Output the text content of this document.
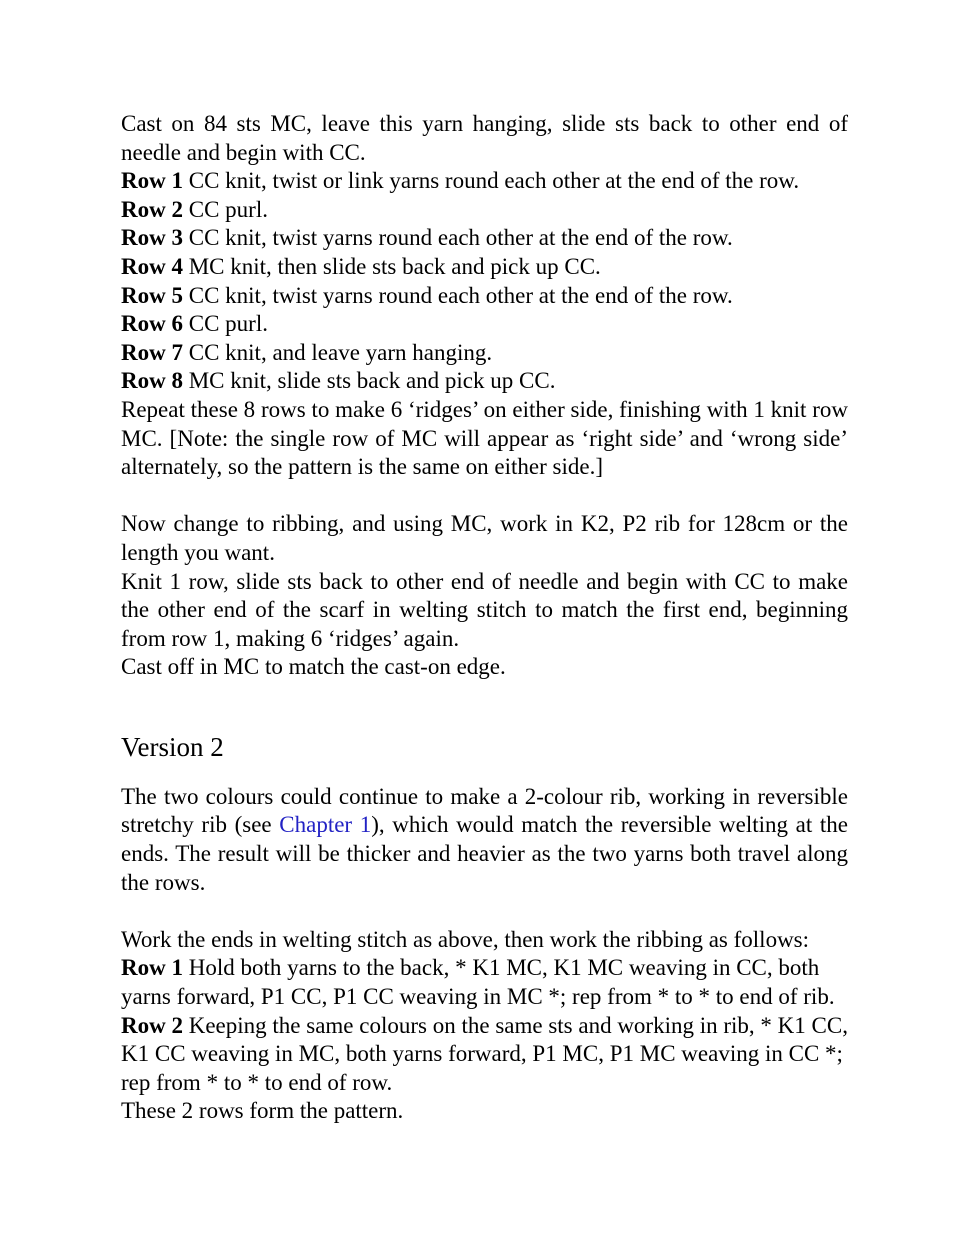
Cast on 84 sts MC, leave this yarn hanging, slide sts back to other end of needle and begin with CC.

Row 1 CC knit, twist or link yarns round each other at the end of the row.
Row 2 CC purl.
Row 3 CC knit, twist yarns round each other at the end of the row.
Row 4 MC knit, then slide sts back and pick up CC.
Row 5 CC knit, twist yarns round each other at the end of the row.
Row 6 CC purl.
Row 7 CC knit, and leave yarn hanging.
Row 8 MC knit, slide sts back and pick up CC.

Repeat these 8 rows to make 6 ‘ridges’ on either side, finishing with 1 knit row MC. [Note: the single row of MC will appear as ‘right side’ and ‘wrong side’ alternately, so the pattern is the same on either side.]

Now change to ribbing, and using MC, work in K2, P2 rib for 128cm or the length you want.

Knit 1 row, slide sts back to other end of needle and begin with CC to make the other end of the scarf in welting stitch to match the first end, beginning from row 1, making 6 ‘ridges’ again.

Cast off in MC to match the cast-on edge.

Version 2

The two colours could continue to make a 2-colour rib, working in reversible stretchy rib (see Chapter 1), which would match the reversible welting at the ends. The result will be thicker and heavier as the two yarns both travel along the rows.

Work the ends in welting stitch as above, then work the ribbing as follows:

Row 1 Hold both yarns to the back, * K1 MC, K1 MC weaving in CC, both yarns forward, P1 CC, P1 CC weaving in MC *; rep from * to * to end of rib.

Row 2 Keeping the same colours on the same sts and working in rib, * K1 CC, K1 CC weaving in MC, both yarns forward, P1 MC, P1 MC weaving in CC *; rep from * to * to end of row.

These 2 rows form the pattern.
